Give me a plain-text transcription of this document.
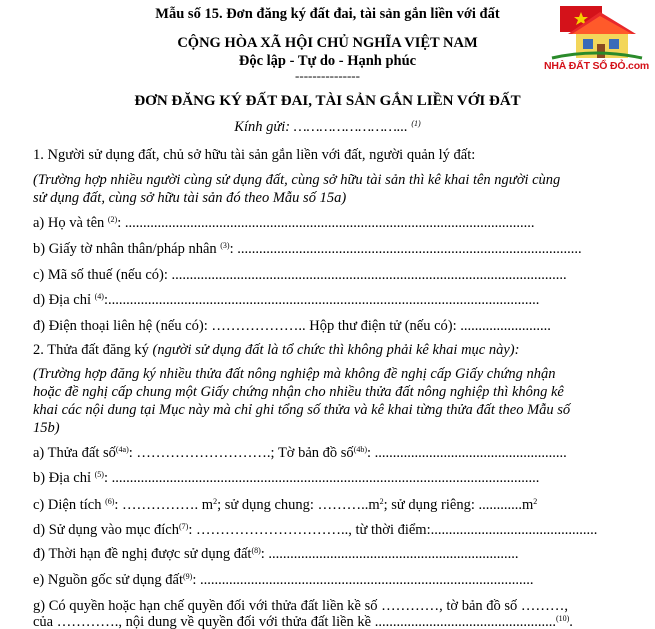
NHÀ ĐẤT SỔ ĐỎ.com
Mẫu số 15. Đơn đăng ký đất đai, tài sản gắn liền với đất
CỘNG HÒA XÃ HỘI CHỦ NGHĨA VIỆT NAM
Độc lập - Tự do - Hạnh phúc
---------------
ĐƠN ĐĂNG KÝ ĐẤT ĐAI, TÀI SẢN GẮN LIỀN VỚI ĐẤT
Kính gửi: ……………………... $^{(1)}$
1. Người sử dụng đất, chủ sở hữu tài sản gắn liền với đất, người quản lý đất:
(Trường hợp nhiều người cùng sử dụng đất, cùng sở hữu tài sản thì kê khai tên người cùng
sử dụng đất, cùng sở hữu tài sản đó theo Mẫu số 15a)
a) Họ và tên $^{(2)}$: .................................................................................................................
b) Giấy tờ nhân thân/pháp nhân $^{(3)}$: ...............................................................................................
c) Mã số thuế (nếu có): .............................................................................................................
d) Địa chỉ $^{(4)}$:.......................................................................................................................
đ) Điện thoại liên hệ (nếu có): ……………….. Hộp thư điện tử (nếu có): .........................
2. Thửa đất đăng ký (người sử dụng đất là tổ chức thì không phải kê khai mục này):
(Trường hợp đăng ký nhiều thửa đất nông nghiệp mà không đề nghị cấp Giấy chứng nhận
hoặc đề nghị cấp chung một Giấy chứng nhận cho nhiều thửa đất nông nghiệp thì không kê
khai các nội dung tại Mục này mà chỉ ghi tổng số thửa và kê khai từng thửa đất theo Mẫu số
15b)
a) Thửa đất số$^{(4a)}$: ……………………….; Tờ bản đồ số$^{(4b)}$: .....................................................
b) Địa chỉ $^{(5)}$: ......................................................................................................................
c) Diện tích $^{(6)}$: ……………. $m^2$; sử dụng chung: $\dots\dots\dots..m^2$; sử dụng riêng: $............m^2$
d) Sử dụng vào mục đích$^{(7)}$: ………………………….., từ thời điểm:..............................................
đ) Thời hạn đề nghị được sử dụng đất$^{(8)}$: .....................................................................
e) Nguồn gốc sử dụng đất$^{(9)}$: ............................................................................................
g) Có quyền hoặc hạn chế quyền đối với thửa đất liền kề số …………, tờ bản đồ số ………,
của …………., nội dung về quyền đối với thửa đất liền kề ..................................................$^{(10)}$.
